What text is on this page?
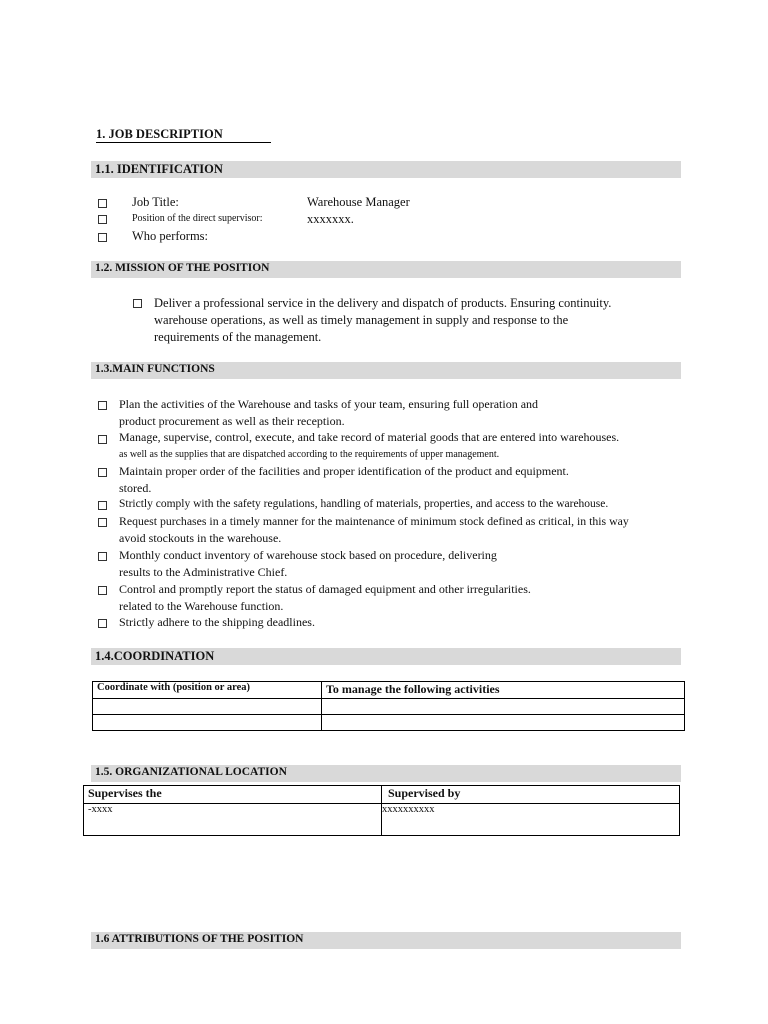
1. JOB DESCRIPTION
1.1. IDENTIFICATION
Job Title:	Warehouse Manager
Position of the direct supervisor:	xxxxxxx.
Who performs:
1.2. MISSION OF THE POSITION
Deliver a professional service in the delivery and dispatch of products. Ensuring continuity.
warehouse operations, as well as timely management in supply and response to the
requirements of the management.
1.3.MAIN FUNCTIONS
Plan the activities of the Warehouse and tasks of your team, ensuring full operation and
product procurement as well as their reception.
Manage, supervise, control, execute, and take record of material goods that are entered into warehouses.
as well as the supplies that are dispatched according to the requirements of upper management.
Maintain proper order of the facilities and proper identification of the product and equipment.
stored.
Strictly comply with the safety regulations, handling of materials, properties, and access to the warehouse.
Request purchases in a timely manner for the maintenance of minimum stock defined as critical, in this way
avoid stockouts in the warehouse.
Monthly conduct inventory of warehouse stock based on procedure, delivering
results to the Administrative Chief.
Control and promptly report the status of damaged equipment and other irregularities.
related to the Warehouse function.
Strictly adhere to the shipping deadlines.
1.4.COORDINATION
Coordinate with (position or area)	To manage the following activities

1.5. ORGANIZATIONAL LOCATION
Supervises the	Supervised by
-xxxx	xxxxxxxxxx
1.6 ATTRIBUTIONS OF THE POSITION
